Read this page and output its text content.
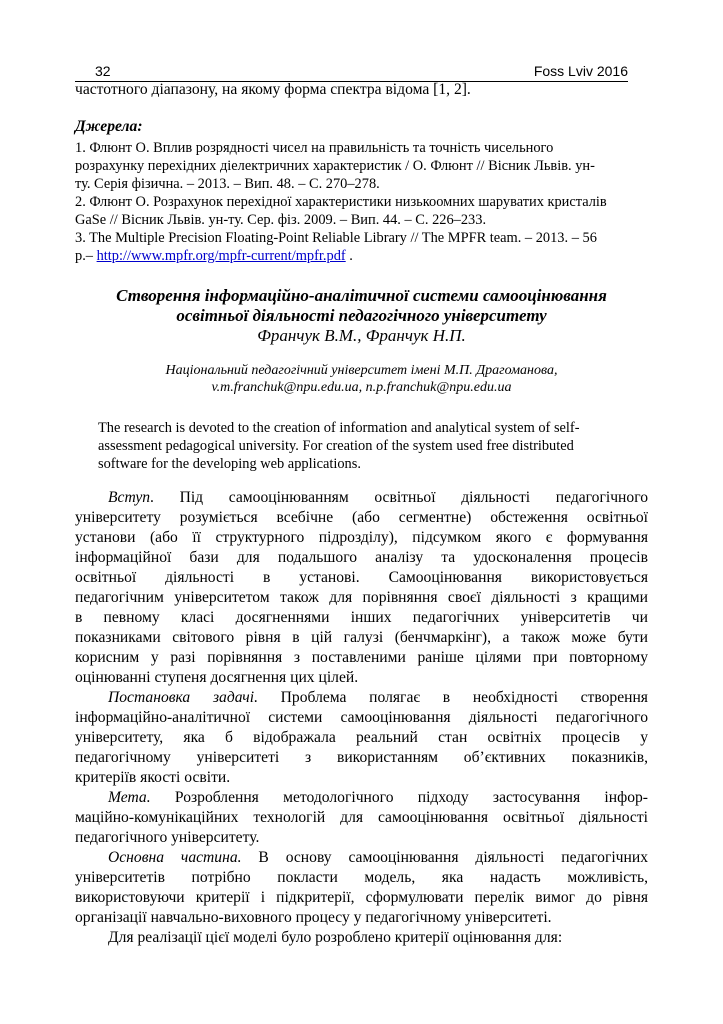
32	Foss Lviv 2016
частотного діапазону, на якому форма спектра відома [1, 2].
Джерела:
1. Флюнт О. Вплив розрядності чисел на правильність та точність чисельного
розрахунку перехідних діелектричних характеристик / О. Флюнт // Вісник Львів. ун-
ту. Серія фізична. – 2013. – Вип. 48. – С. 270–278.
2. Флюнт О. Розрахунок перехідної характеристики низькоомних шаруватих кристалів
GaSe // Вісник Львів. ун-ту. Сер. фіз. 2009. – Вип. 44. – С. 226–233.
3. The Multiple Precision Floating-Point Reliable Library // The MPFR team. – 2013. – 56
p.– http://www.mpfr.org/mpfr-current/mpfr.pdf .
Створення інформаційно-аналітичної системи самооцінювання
освітньої діяльності педагогічного університету
Франчук В.М., Франчук Н.П.
Національний педагогічний університет імені М.П. Драгоманова,
v.m.franchuk@npu.edu.ua, n.p.franchuk@npu.edu.ua
The research is devoted to the creation of information and analytical system of self-
assessment pedagogical university. For creation of the system used free distributed
software for the developing web applications.
Вступ. Під самооцінюванням освітньої діяльності педагогічного
університету розуміється всебічне (або сегментне) обстеження освітньої
установи (або її структурного підрозділу), підсумком якого є формування
інформаційної бази для подальшого аналізу та удосконалення процесів
освітньої діяльності в установі. Самооцінювання використовується
педагогічним університетом також для порівняння своєї діяльності з кращими
в певному класі досягненнями інших педагогічних університетів чи
показниками світового рівня в цій галузі (бенчмаркінг), а також може бути
корисним у разі порівняння з поставленими раніше цілями при повторному
оцінюванні ступеня досягнення цих цілей.
Постановка задачі. Проблема полягає в необхідності створення
інформаційно-аналітичної системи самооцінювання діяльності педагогічного
університету, яка б відображала реальний стан освітніх процесів у
педагогічному університеті з використанням об’єктивних показників,
критеріїв якості освіти.
Мета. Розроблення методологічного підходу застосування інфор-
маційно-комунікаційних технологій для самооцінювання освітньої діяльності
педагогічного університету.
Основна частина. В основу самооцінювання діяльності педагогічних
університетів потрібно покласти модель, яка надасть можливість,
використовуючи критерії і підкритерії, сформулювати перелік вимог до рівня
організації навчально-виховного процесу у педагогічному університеті.
Для реалізації цієї моделі було розроблено критерії оцінювання для:
